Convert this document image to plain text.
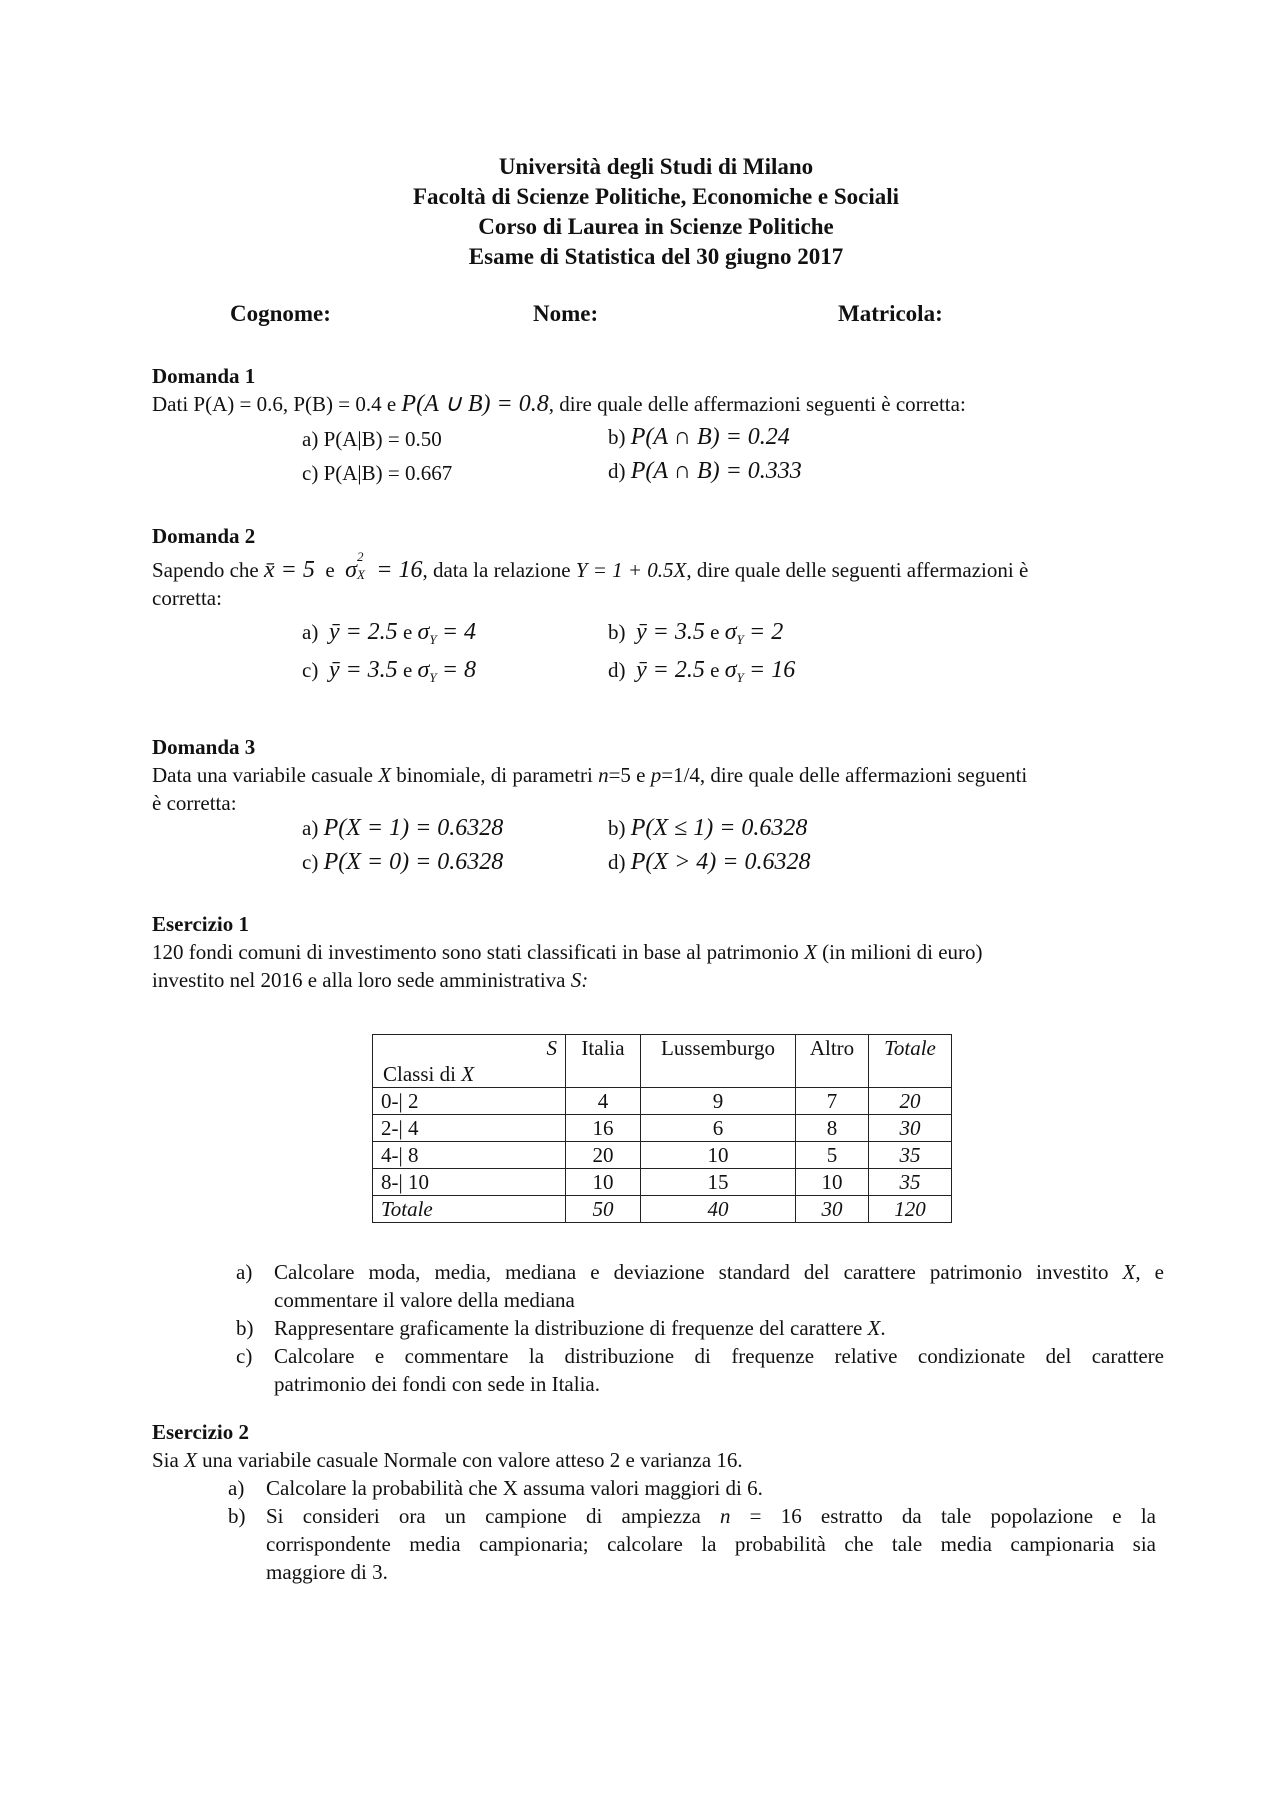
Università degli Studi di Milano
Facoltà di Scienze Politiche, Economiche e Sociali
Corso di Laurea in Scienze Politiche
Esame di Statistica del 30 giugno 2017
Cognome:	Nome:	Matricola:
Domanda 1
Dati P(A) = 0.6, P(B) = 0.4 e P(A ∪ B) = 0.8, dire quale delle affermazioni seguenti è corretta:
a) P(A|B) = 0.50	b) P(A ∩ B) = 0.24
c) P(A|B) = 0.667	d) P(A ∩ B) = 0.333
Domanda 2
Sapendo che x̄ = 5 e σ
2
X = 16, data la relazione Y = 1 + 0.5X, dire quale delle seguenti affermazioni è
corretta:
a) ȳ = 2.5 e $\sigma_Y = 4$	b) ȳ = 3.5 e $\sigma_Y = 2$
c) ȳ = 3.5 e $\sigma_Y = 8$	d) ȳ = 2.5 e $\sigma_Y = 16$
Domanda 3
Data una variabile casuale X binomiale, di parametri n=5 e p=1/4, dire quale delle affermazioni seguenti
è corretta:
a) P(X = 1) = 0.6328	b) P(X ≤ 1) = 0.6328
c) P(X = 0) = 0.6328	d) P(X > 4) = 0.6328
Esercizio 1
120 fondi comuni di investimento sono stati classificati in base al patrimonio X (in milioni di euro)
investito nel 2016 e alla loro sede amministrativa S:
S
Classi di X	Italia	Lussemburgo	Altro	Totale
0-| 2	4	9	7	20
2-| 4	16	6	8	30
4-| 8	20	10	5	35
8-| 10	10	15	10	35
Totale	50	40	30	120
a) Calcolare moda, media, mediana e deviazione standard del carattere patrimonio investito X, e
commentare il valore della mediana
b) Rappresentare graficamente la distribuzione di frequenze del carattere X.
c) Calcolare e commentare la distribuzione di frequenze relative condizionate del carattere
patrimonio dei fondi con sede in Italia.
Esercizio 2
Sia X una variabile casuale Normale con valore atteso 2 e varianza 16.
a) Calcolare la probabilità che X assuma valori maggiori di 6.
b) Si consideri ora un campione di ampiezza n = 16 estratto da tale popolazione e la
corrispondente media campionaria; calcolare la probabilità che tale media campionaria sia
maggiore di 3.
